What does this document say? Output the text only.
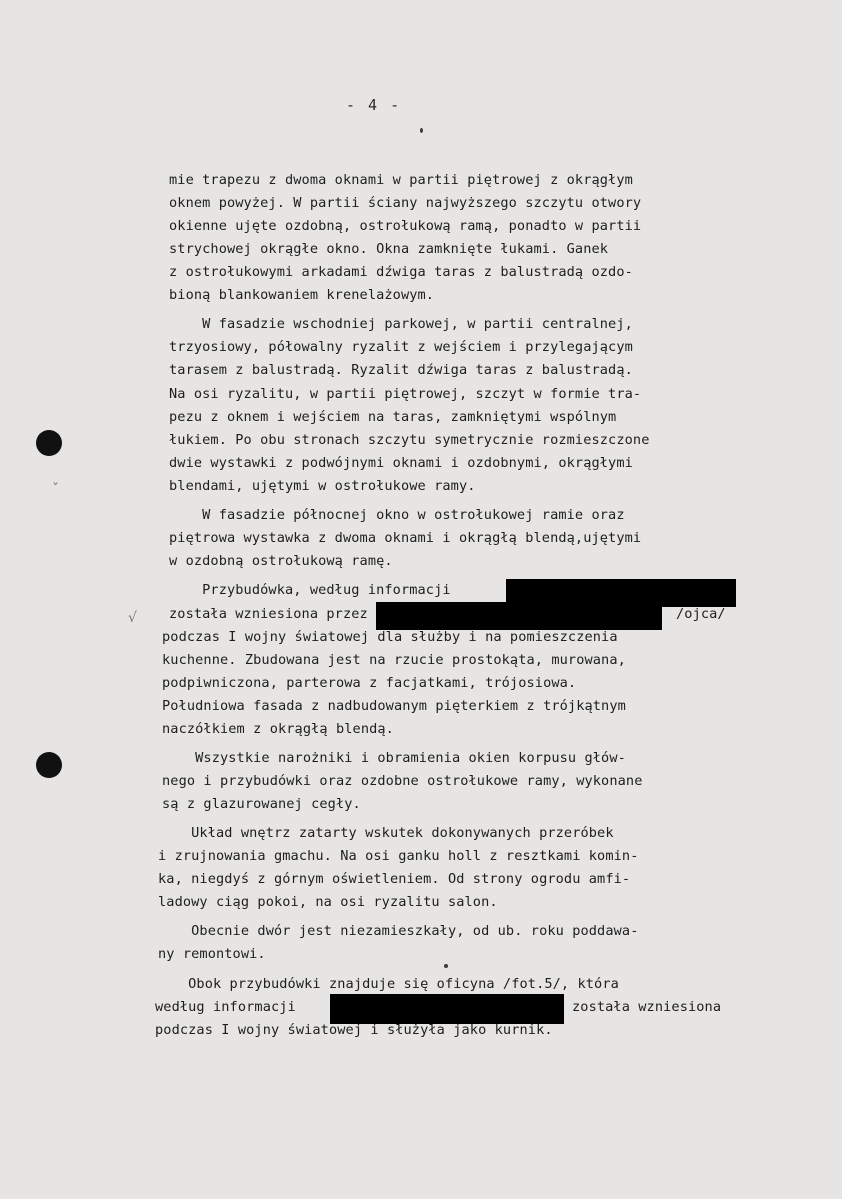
- 4 -
ˇ
√
mie trapezu z dwoma oknami w partii piętrowej z okrągłym
oknem powyżej. W partii ściany najwyższego szczytu otwory
okienne ujęte ozdobną, ostrołukową ramą, ponadto w partii
strychowej okrągłe okno. Okna zamknięte łukami. Ganek
z ostrołukowymi arkadami dźwiga taras z balustradą ozdo-
bioną blankowaniem krenelażowym.
W fasadzie wschodniej parkowej, w partii centralnej,
trzyosiowy, półowalny ryzalit z wejściem i przylegającym
tarasem z balustradą. Ryzalit dźwiga taras z balustradą.
Na osi ryzalitu, w partii piętrowej, szczyt w formie tra-
pezu z oknem i wejściem na taras, zamkniętymi wspólnym
łukiem. Po obu stronach szczytu symetrycznie rozmieszczone
dwie wystawki z podwójnymi oknami i ozdobnymi, okrągłymi
blendami, ujętymi w ostrołukowe ramy.
W fasadzie północnej okno w ostrołukowej ramie oraz
piętrowa wystawka z dwoma oknami i okrągłą blendą,ujętymi
w ozdobną ostrołukową ramę.
Przybudówka, według informacji
została wzniesiona przez	/ojca/
podczas I wojny światowej dla służby i na pomieszczenia
kuchenne. Zbudowana jest na rzucie prostokąta, murowana,
podpiwniczona, parterowa z facjatkami, trójosiowa.
Południowa fasada z nadbudowanym pięterkiem z trójkątnym
naczółkiem z okrągłą blendą.
Wszystkie narożniki i obramienia okien korpusu głów-
nego i przybudówki oraz ozdobne ostrołukowe ramy, wykonane
są z glazurowanej cegły.
Układ wnętrz zatarty wskutek dokonywanych przeróbek
i zrujnowania gmachu. Na osi ganku holl z resztkami komin-
ka, niegdyś z górnym oświetleniem. Od strony ogrodu amfi-
ladowy ciąg pokoi, na osi ryzalitu salon.
Obecnie dwór jest niezamieszkały, od ub. roku poddawa-
ny remontowi.
Obok przybudówki znajduje się oficyna /fot.5/, która
według informacji	została wzniesiona
podczas I wojny światowej i służyła jako kurnik.
